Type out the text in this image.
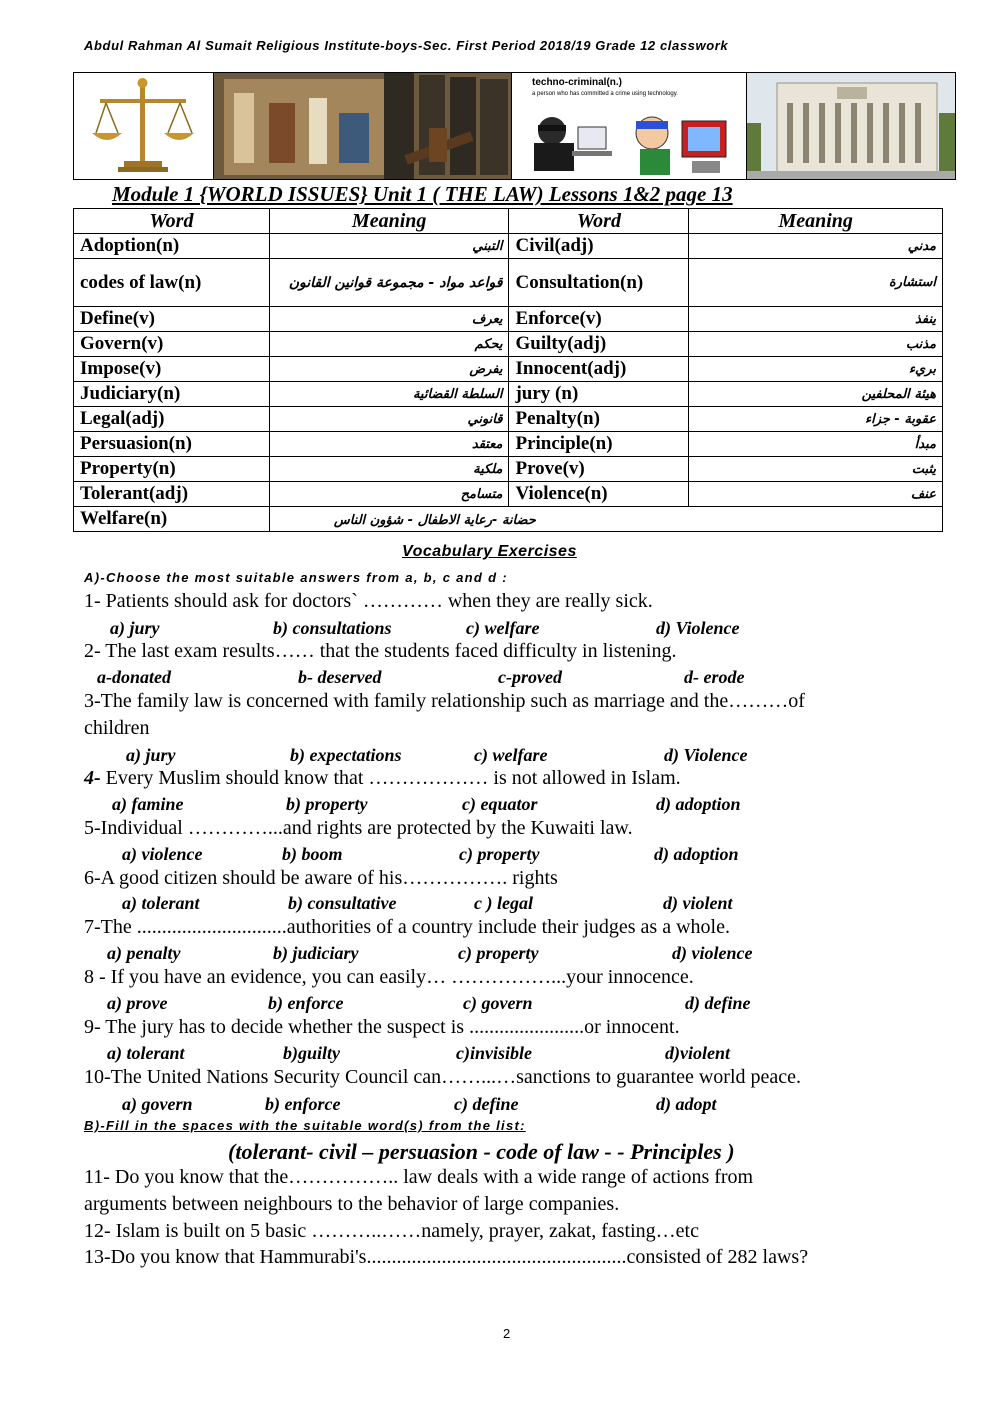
Abdul Rahman Al Sumait Religious Institute-boys-Sec. First Period 2018/19 Grade 12 classwork
techno-criminal(n.)
a person who has committed a crime using technology.
Module 1 {WORLD ISSUES} Unit 1 ( THE LAW) Lessons 1&2 page 13
Word	Meaning	Word	Meaning
Adoption(n)	التبني	Civil(adj)	مدني
codes of law(n)	قواعد مواد - مجموعة قوانين القانون	Consultation(n)	استشارة
Define(v)	يعرف	Enforce(v)	ينفذ
Govern(v)	يحكم	Guilty(adj)	مذنب
Impose(v)	يفرض	Innocent(adj)	بريء
Judiciary(n)	السلطة القضائية	jury (n)	هيئة المحلفين
Legal(adj)	قانوني	Penalty(n)	عقوبة - جزاء
Persuasion(n)	معتقد	Principle(n)	مبدأ
Property(n)	ملكية	Prove(v)	يثبت
Tolerant(adj)	متسامح	Violence(n)	عنف
Welfare(n)	حضانة -رعاية الاطفال - شؤون الناس		
Vocabulary Exercises
A)-Choose the most suitable answers from a, b, c and d :
1- Patients should ask for doctors` ………… when they are really sick.
a) jury	b) consultations	c) welfare	d) Violence
2- The last exam results…… that the students faced difficulty in listening.
a-donated	b- deserved	c-proved	d- erode
3-The family law is concerned with family relationship such as marriage and the………of
children
a) jury	b) expectations	c) welfare	d) Violence
4- Every Muslim should know that ……………… is not allowed in Islam.
a) famine	b) property	c) equator	d) adoption
5-Individual …………...and rights are protected by the Kuwaiti law.
a) violence	b) boom	c) property	d) adoption
6-A good citizen should be aware of his……………. rights
a) tolerant	b) consultative	c ) legal	d) violent
7-The ..............................authorities of a country include their judges as a whole.
a) penalty	b) judiciary	c) property	d) violence
8 - If you have an evidence, you can easily… ……………...your innocence.
a) prove	b) enforce	c) govern	d) define
9- The jury has to decide whether the suspect is .......................or innocent.
a) tolerant	b)guilty	c)invisible	d)violent
10-The United Nations Security Council can……...…sanctions to guarantee world peace.
a) govern	b) enforce	c) define	d) adopt
B)-Fill in the spaces with the suitable word(s) from the list:
(tolerant- civil – persuasion - code of law - - Principles )
11- Do you know that the…………….. law deals with a wide range of actions from
arguments between neighbours to the behavior of large companies.
12- Islam is built on 5 basic ………..……namely, prayer, zakat, fasting…etc
13-Do you know that Hammurabi's....................................................consisted of 282 laws?
2
